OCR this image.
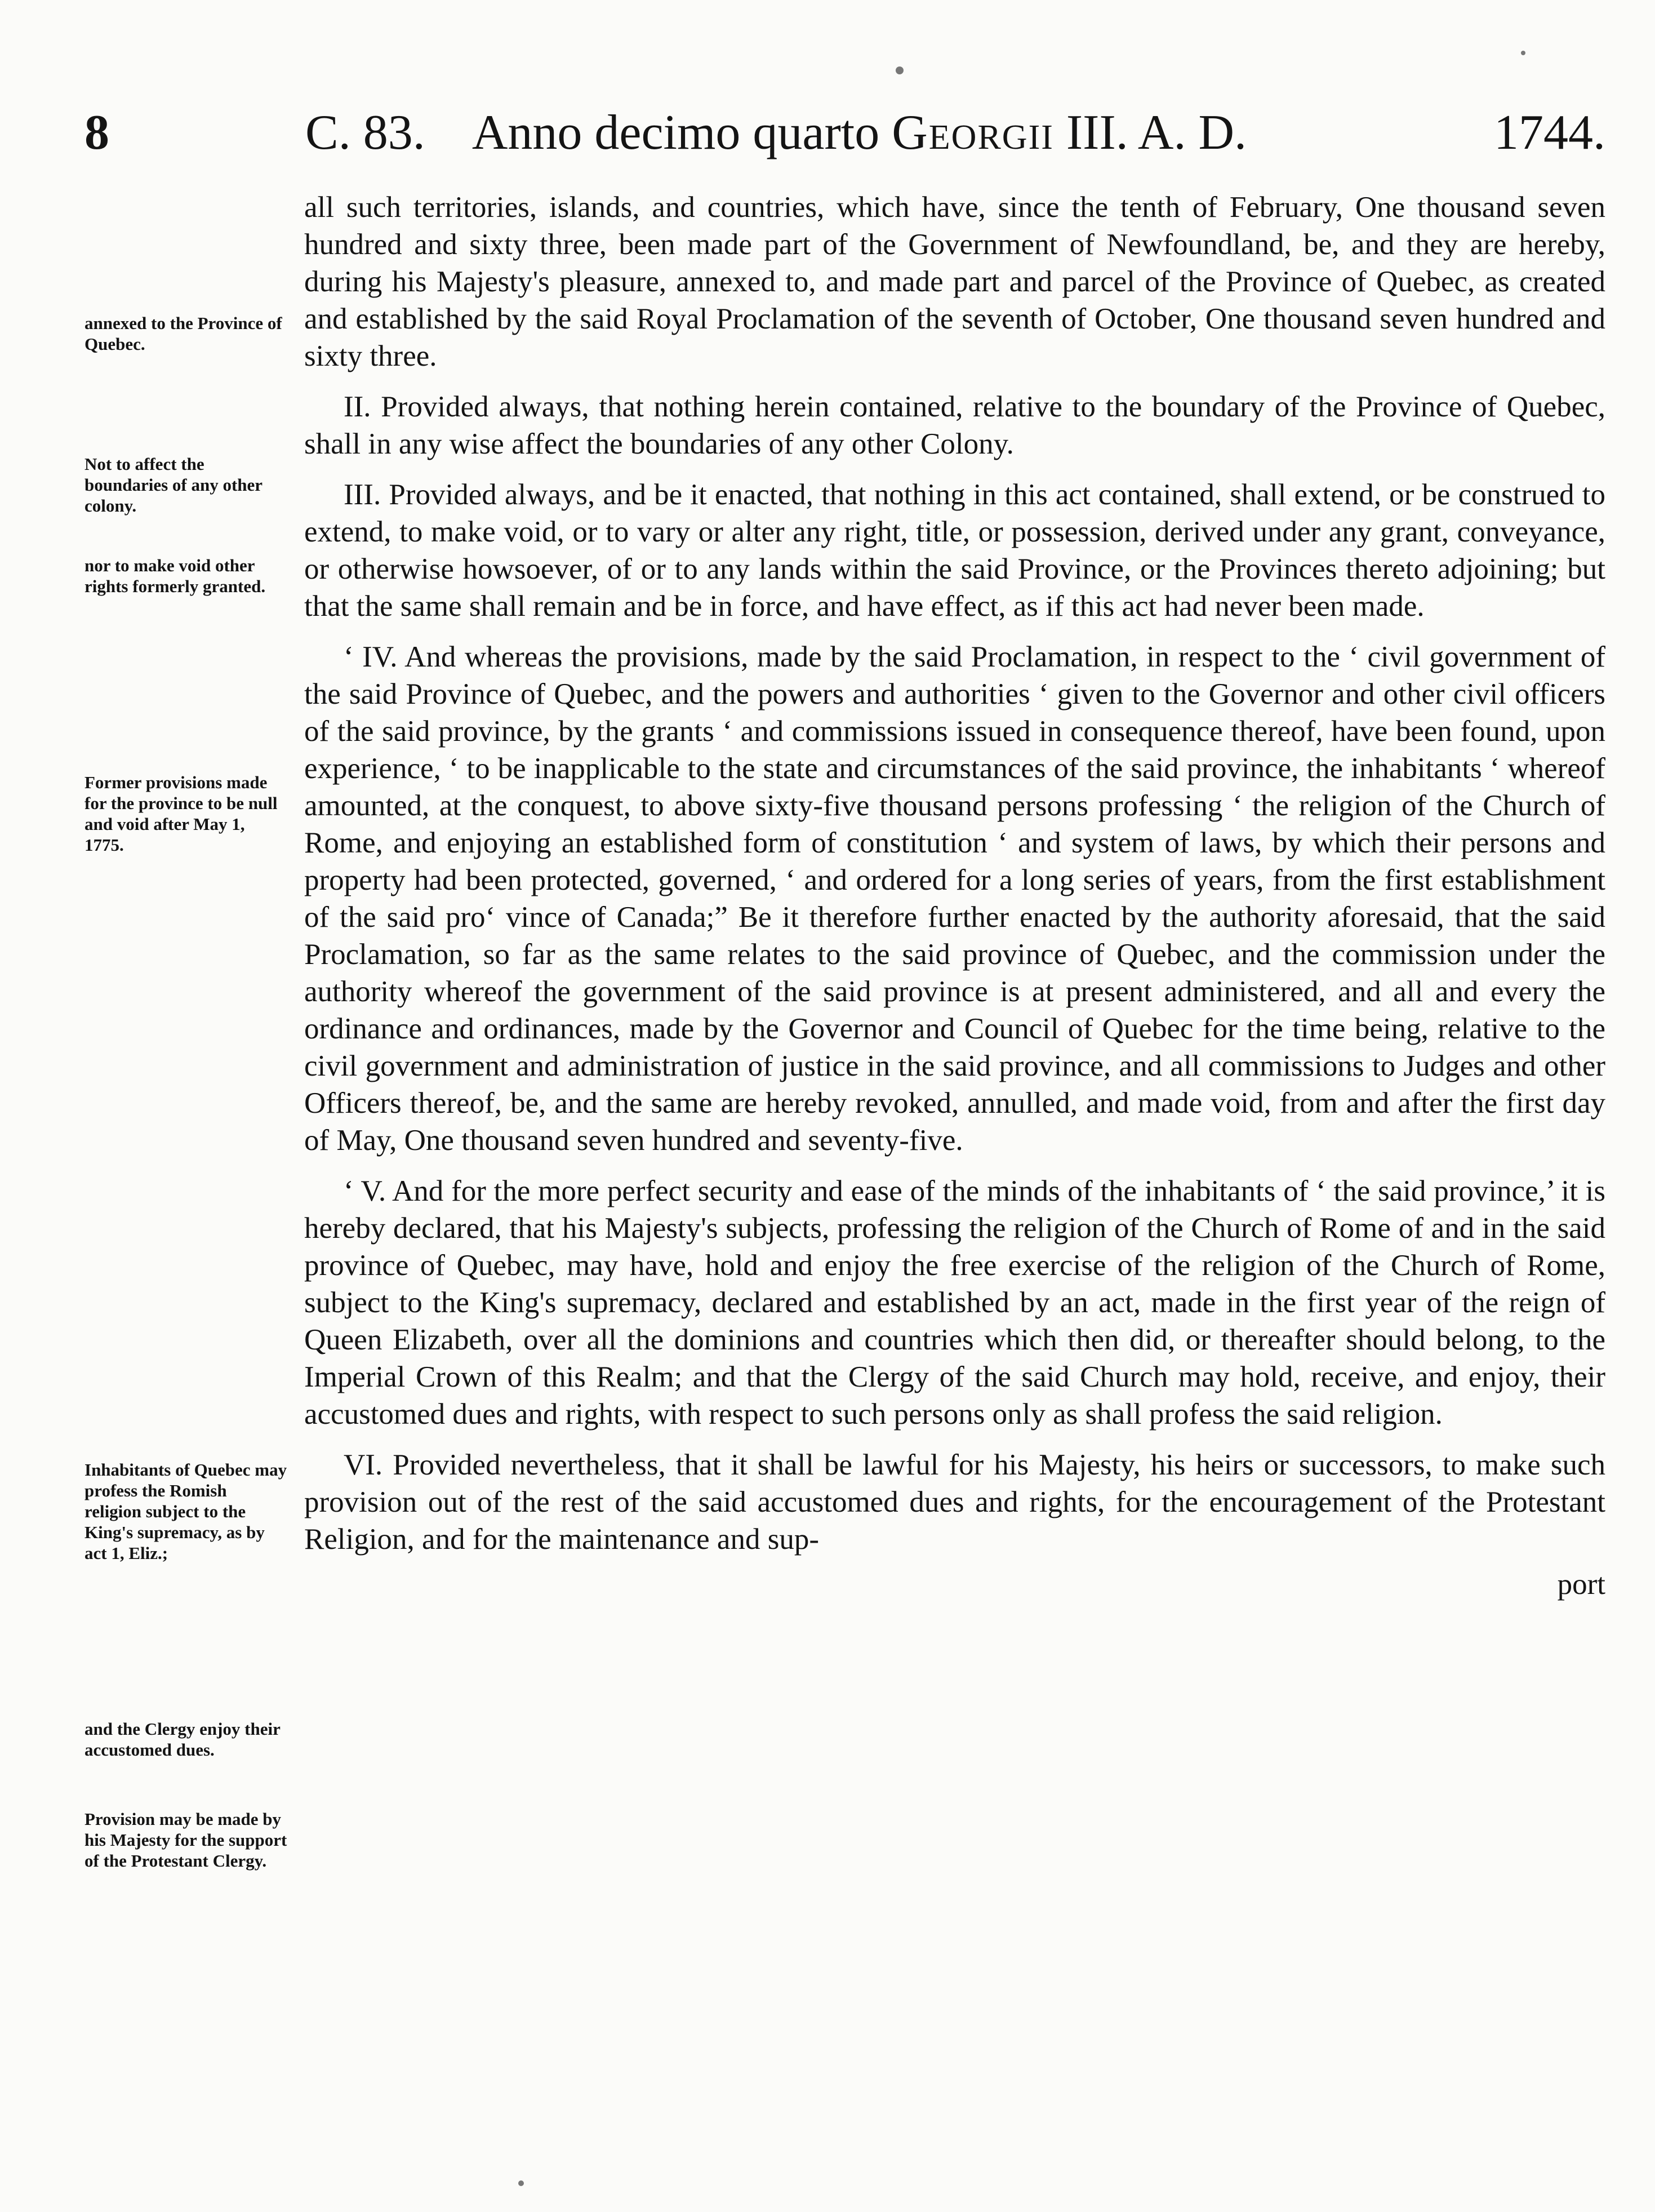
8	C. 83. Anno decimo quarto Georgii III. A. D.	1744.
annexed to the Province of Quebec.
Not to affect the boundaries of any other colony.
nor to make void other rights formerly granted.
Former provisions made for the province to be null and void after May 1, 1775.
Inhabitants of Quebec may profess the Romish religion subject to the King's supremacy, as by act 1, Eliz.;
and the Clergy enjoy their accustomed dues.
Provision may be made by his Majesty for the support of the Protestant Clergy.

all such territories, islands, and countries, which have, since the tenth of February, One thousand seven hundred and sixty three, been made part of the Government of Newfoundland, be, and they are hereby, during his Majesty's pleasure, annexed to, and made part and parcel of the Province of Quebec, as created and established by the said Royal Proclamation of the seventh of October, One thousand seven hundred and sixty three.

II. Provided always, that nothing herein contained, relative to the boundary of the Province of Quebec, shall in any wise affect the boundaries of any other Colony.

III. Provided always, and be it enacted, that nothing in this act contained, shall extend, or be construed to extend, to make void, or to vary or alter any right, title, or possession, derived under any grant, conveyance, or otherwise howsoever, of or to any lands within the said Province, or the Provinces thereto adjoining; but that the same shall remain and be in force, and have effect, as if this act had never been made.

‘ IV. And whereas the provisions, made by the said Proclamation, in respect to the ‘ civil government of the said Province of Quebec, and the powers and authorities ‘ given to the Governor and other civil officers of the said province, by the grants ‘ and commissions issued in consequence thereof, have been found, upon experience, ‘ to be inapplicable to the state and circumstances of the said province, the inhabitants ‘ whereof amounted, at the conquest, to above sixty-five thousand persons professing ‘ the religion of the Church of Rome, and enjoying an established form of constitution ‘ and system of laws, by which their persons and property had been protected, governed, ‘ and ordered for a long series of years, from the first establishment of the said pro‘ vince of Canada;” Be it therefore further enacted by the authority aforesaid, that the said Proclamation, so far as the same relates to the said province of Quebec, and the commission under the authority whereof the government of the said province is at present administered, and all and every the ordinance and ordinances, made by the Governor and Council of Quebec for the time being, relative to the civil government and administration of justice in the said province, and all commissions to Judges and other Officers thereof, be, and the same are hereby revoked, annulled, and made void, from and after the first day of May, One thousand seven hundred and seventy-five.

‘ V. And for the more perfect security and ease of the minds of the inhabitants of ‘ the said province,’ it is hereby declared, that his Majesty's subjects, professing the religion of the Church of Rome of and in the said province of Quebec, may have, hold and enjoy the free exercise of the religion of the Church of Rome, subject to the King's supremacy, declared and established by an act, made in the first year of the reign of Queen Elizabeth, over all the dominions and countries which then did, or thereafter should belong, to the Imperial Crown of this Realm; and that the Clergy of the said Church may hold, receive, and enjoy, their accustomed dues and rights, with respect to such persons only as shall profess the said religion.

VI. Provided nevertheless, that it shall be lawful for his Majesty, his heirs or successors, to make such provision out of the rest of the said accustomed dues and rights, for the encouragement of the Protestant Religion, and for the maintenance and sup-

port
